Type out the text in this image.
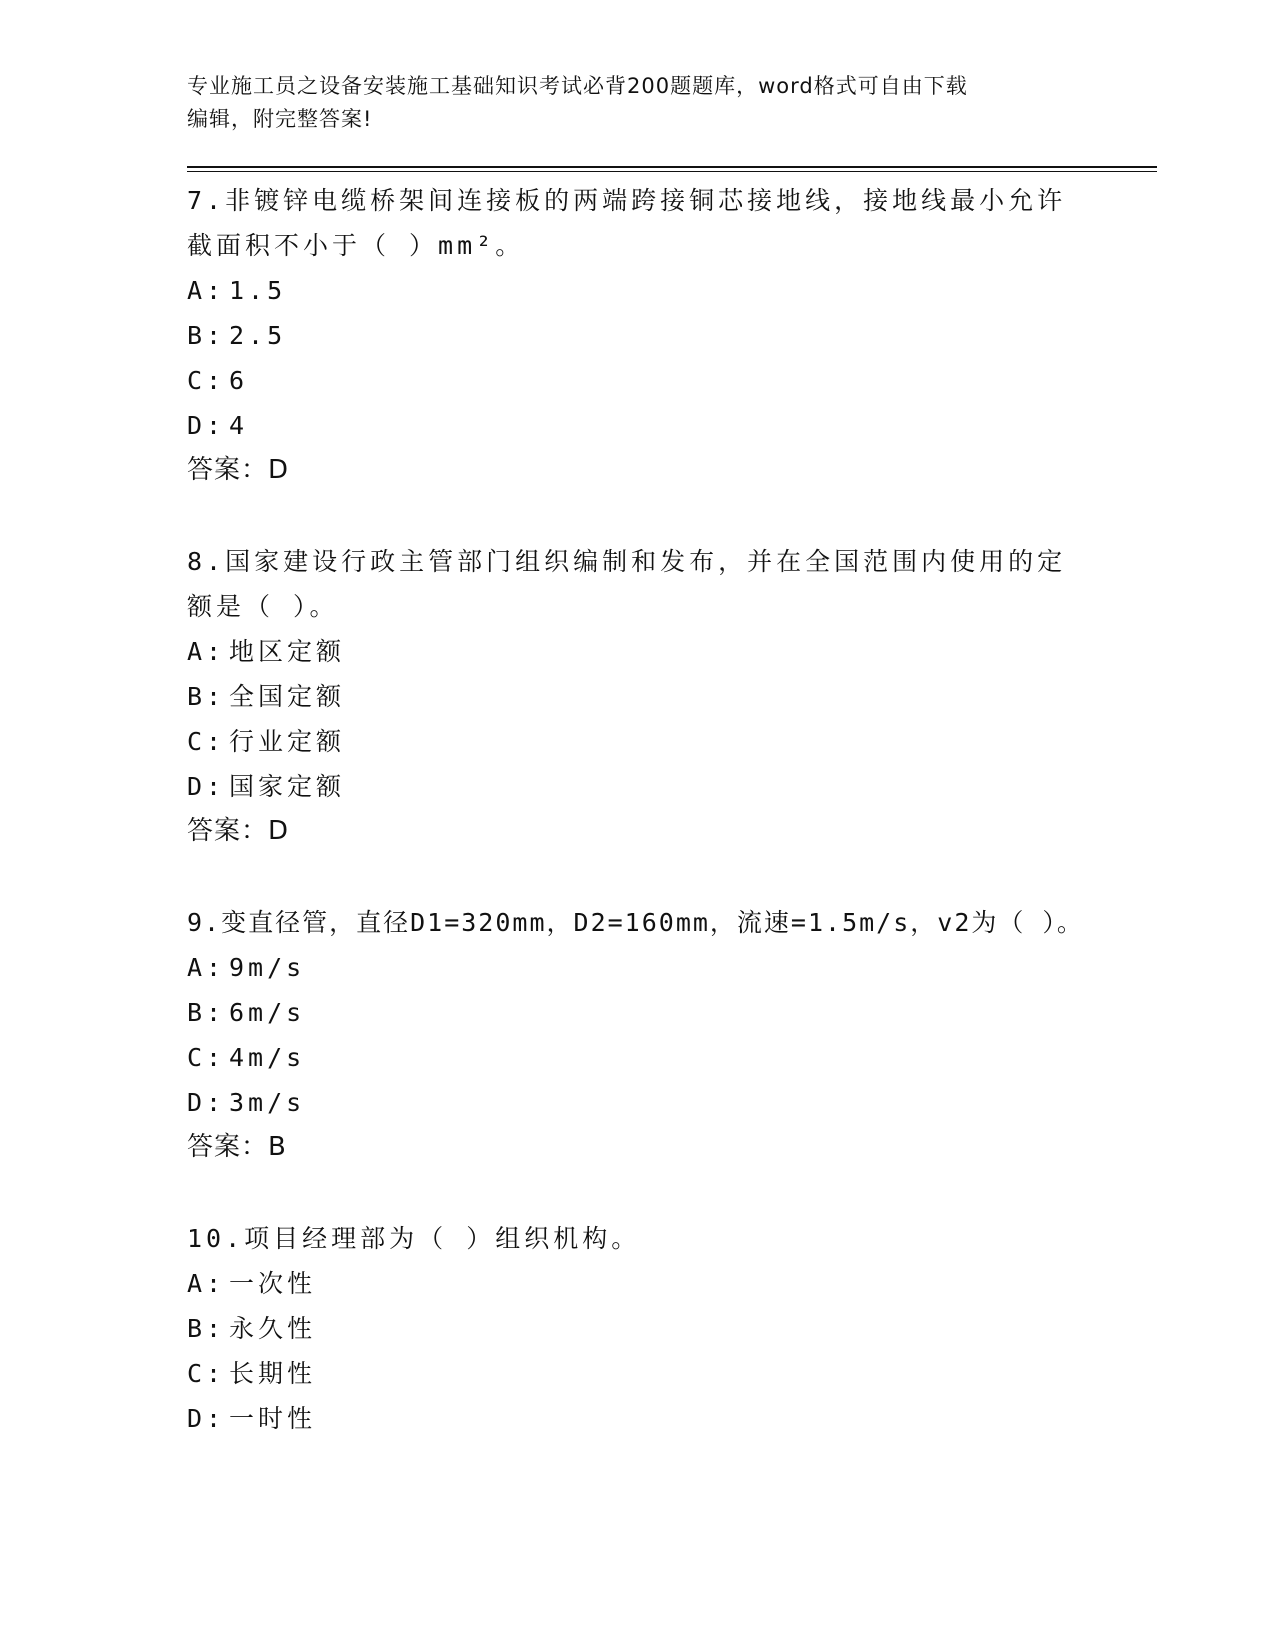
专业施工员之设备安装施工基础知识考试必背200题题库，word格式可自由下载
编辑，附完整答案!

7.非镀锌电缆桥架间连接板的两端跨接铜芯接地线，接地线最小允许截面积不小于（ ）mm²。

A: 1.5

B: 2.5

C: 6

D: 4

答案：D

8.国家建设行政主管部门组织编制和发布，并在全国范围内使用的定额是（ ）。

A: 地区定额

B: 全国定额

C: 行业定额

D: 国家定额

答案：D

9.变直径管，直径D1=320mm，D2=160mm，流速=1.5m/s，v2为（ ）。

A: 9m/s

B: 6m/s

C: 4m/s

D: 3m/s

答案：B

10.项目经理部为（ ）组织机构。

A: 一次性

B: 永久性

C: 长期性

D: 一时性
